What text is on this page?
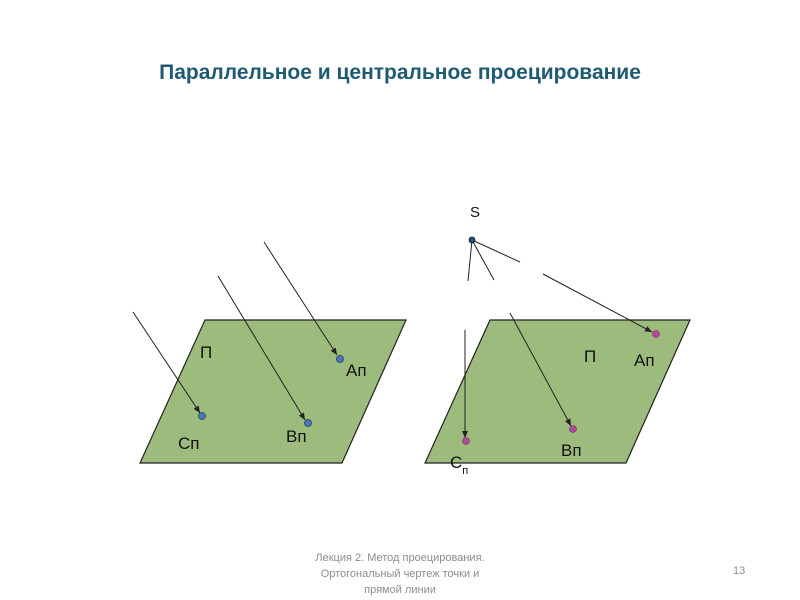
Параллельное и центральное проецирование
П
Ап
Вп
Сп
S
П Ап
Вп
$С_п$
Лекция 2. Метод проецирования.
Ортогональный чертеж точки и
прямой линии
13
